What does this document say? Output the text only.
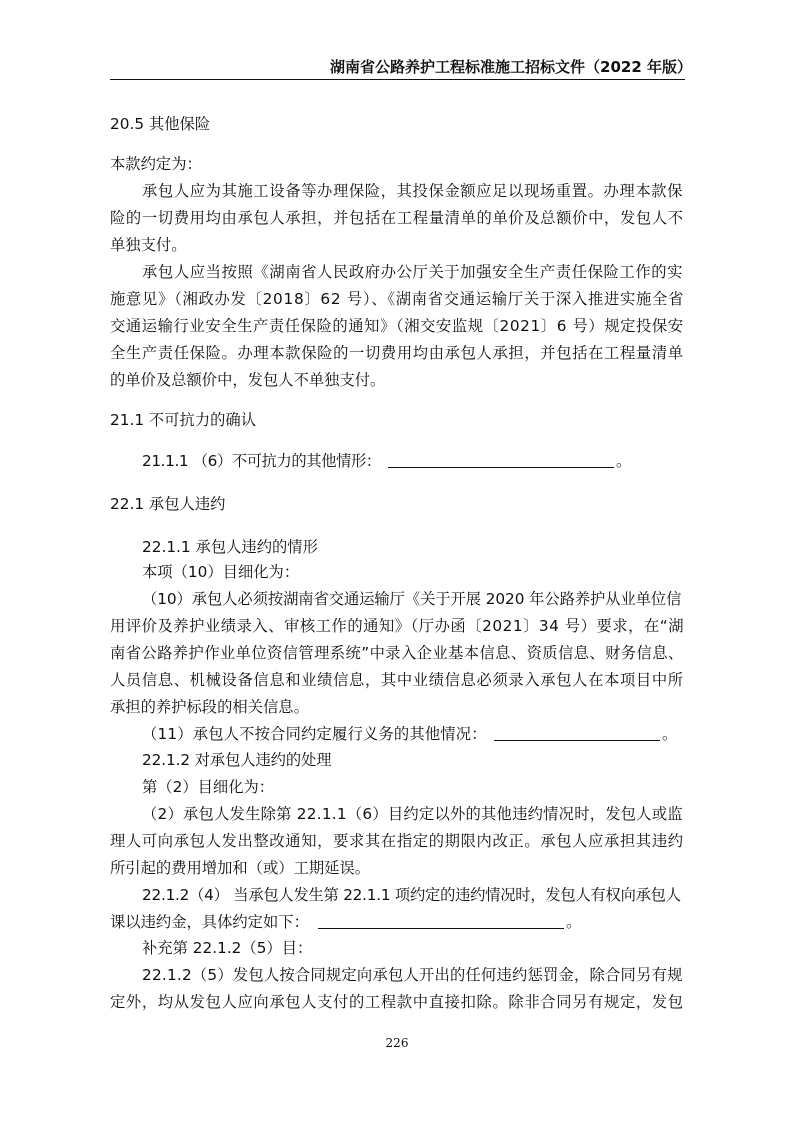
湖南省公路养护工程标准施工招标文件（2022 年版）
20.5 其他保险
本款约定为：
承包人应为其施工设备等办理保险，其投保金额应足以现场重置。办理本款保
险的一切费用均由承包人承担，并包括在工程量清单的单价及总额价中，发包人不
单独支付。
承包人应当按照《湖南省人民政府办公厅关于加强安全生产责任保险工作的实
施意见》（湘政办发〔2018〕62 号）、《湖南省交通运输厅关于深入推进实施全省
交通运输行业安全生产责任保险的通知》（湘交安监规〔2021〕6 号）规定投保安
全生产责任保险。办理本款保险的一切费用均由承包人承担，并包括在工程量清单
的单价及总额价中，发包人不单独支付。
21.1 不可抗力的确认
21.1.1 （6）不可抗力的其他情形：	。
22.1 承包人违约
22.1.1 承包人违约的情形
本项（10）目细化为：
（10）承包人必须按湖南省交通运输厅《关于开展 2020 年公路养护从业单位信
用评价及养护业绩录入、审核工作的通知》（厅办函〔2021〕34 号）要求，在“湖
南省公路养护作业单位资信管理系统”中录入企业基本信息、资质信息、财务信息、
人员信息、机械设备信息和业绩信息，其中业绩信息必须录入承包人在本项目中所
承担的养护标段的相关信息。
（11）承包人不按合同约定履行义务的其他情况：	。
22.1.2 对承包人违约的处理
第（2）目细化为：
（2）承包人发生除第 22.1.1（6）目约定以外的其他违约情况时，发包人或监
理人可向承包人发出整改通知，要求其在指定的期限内改正。承包人应承担其违约
所引起的费用增加和（或）工期延误。
22.1.2（4） 当承包人发生第 22.1.1 项约定的违约情况时，发包人有权向承包人
课以违约金，具体约定如下：	。
补充第 22.1.2（5）目：
22.1.2（5）发包人按合同规定向承包人开出的任何违约惩罚金，除合同另有规
定外，均从发包人应向承包人支付的工程款中直接扣除。除非合同另有规定，发包
226
